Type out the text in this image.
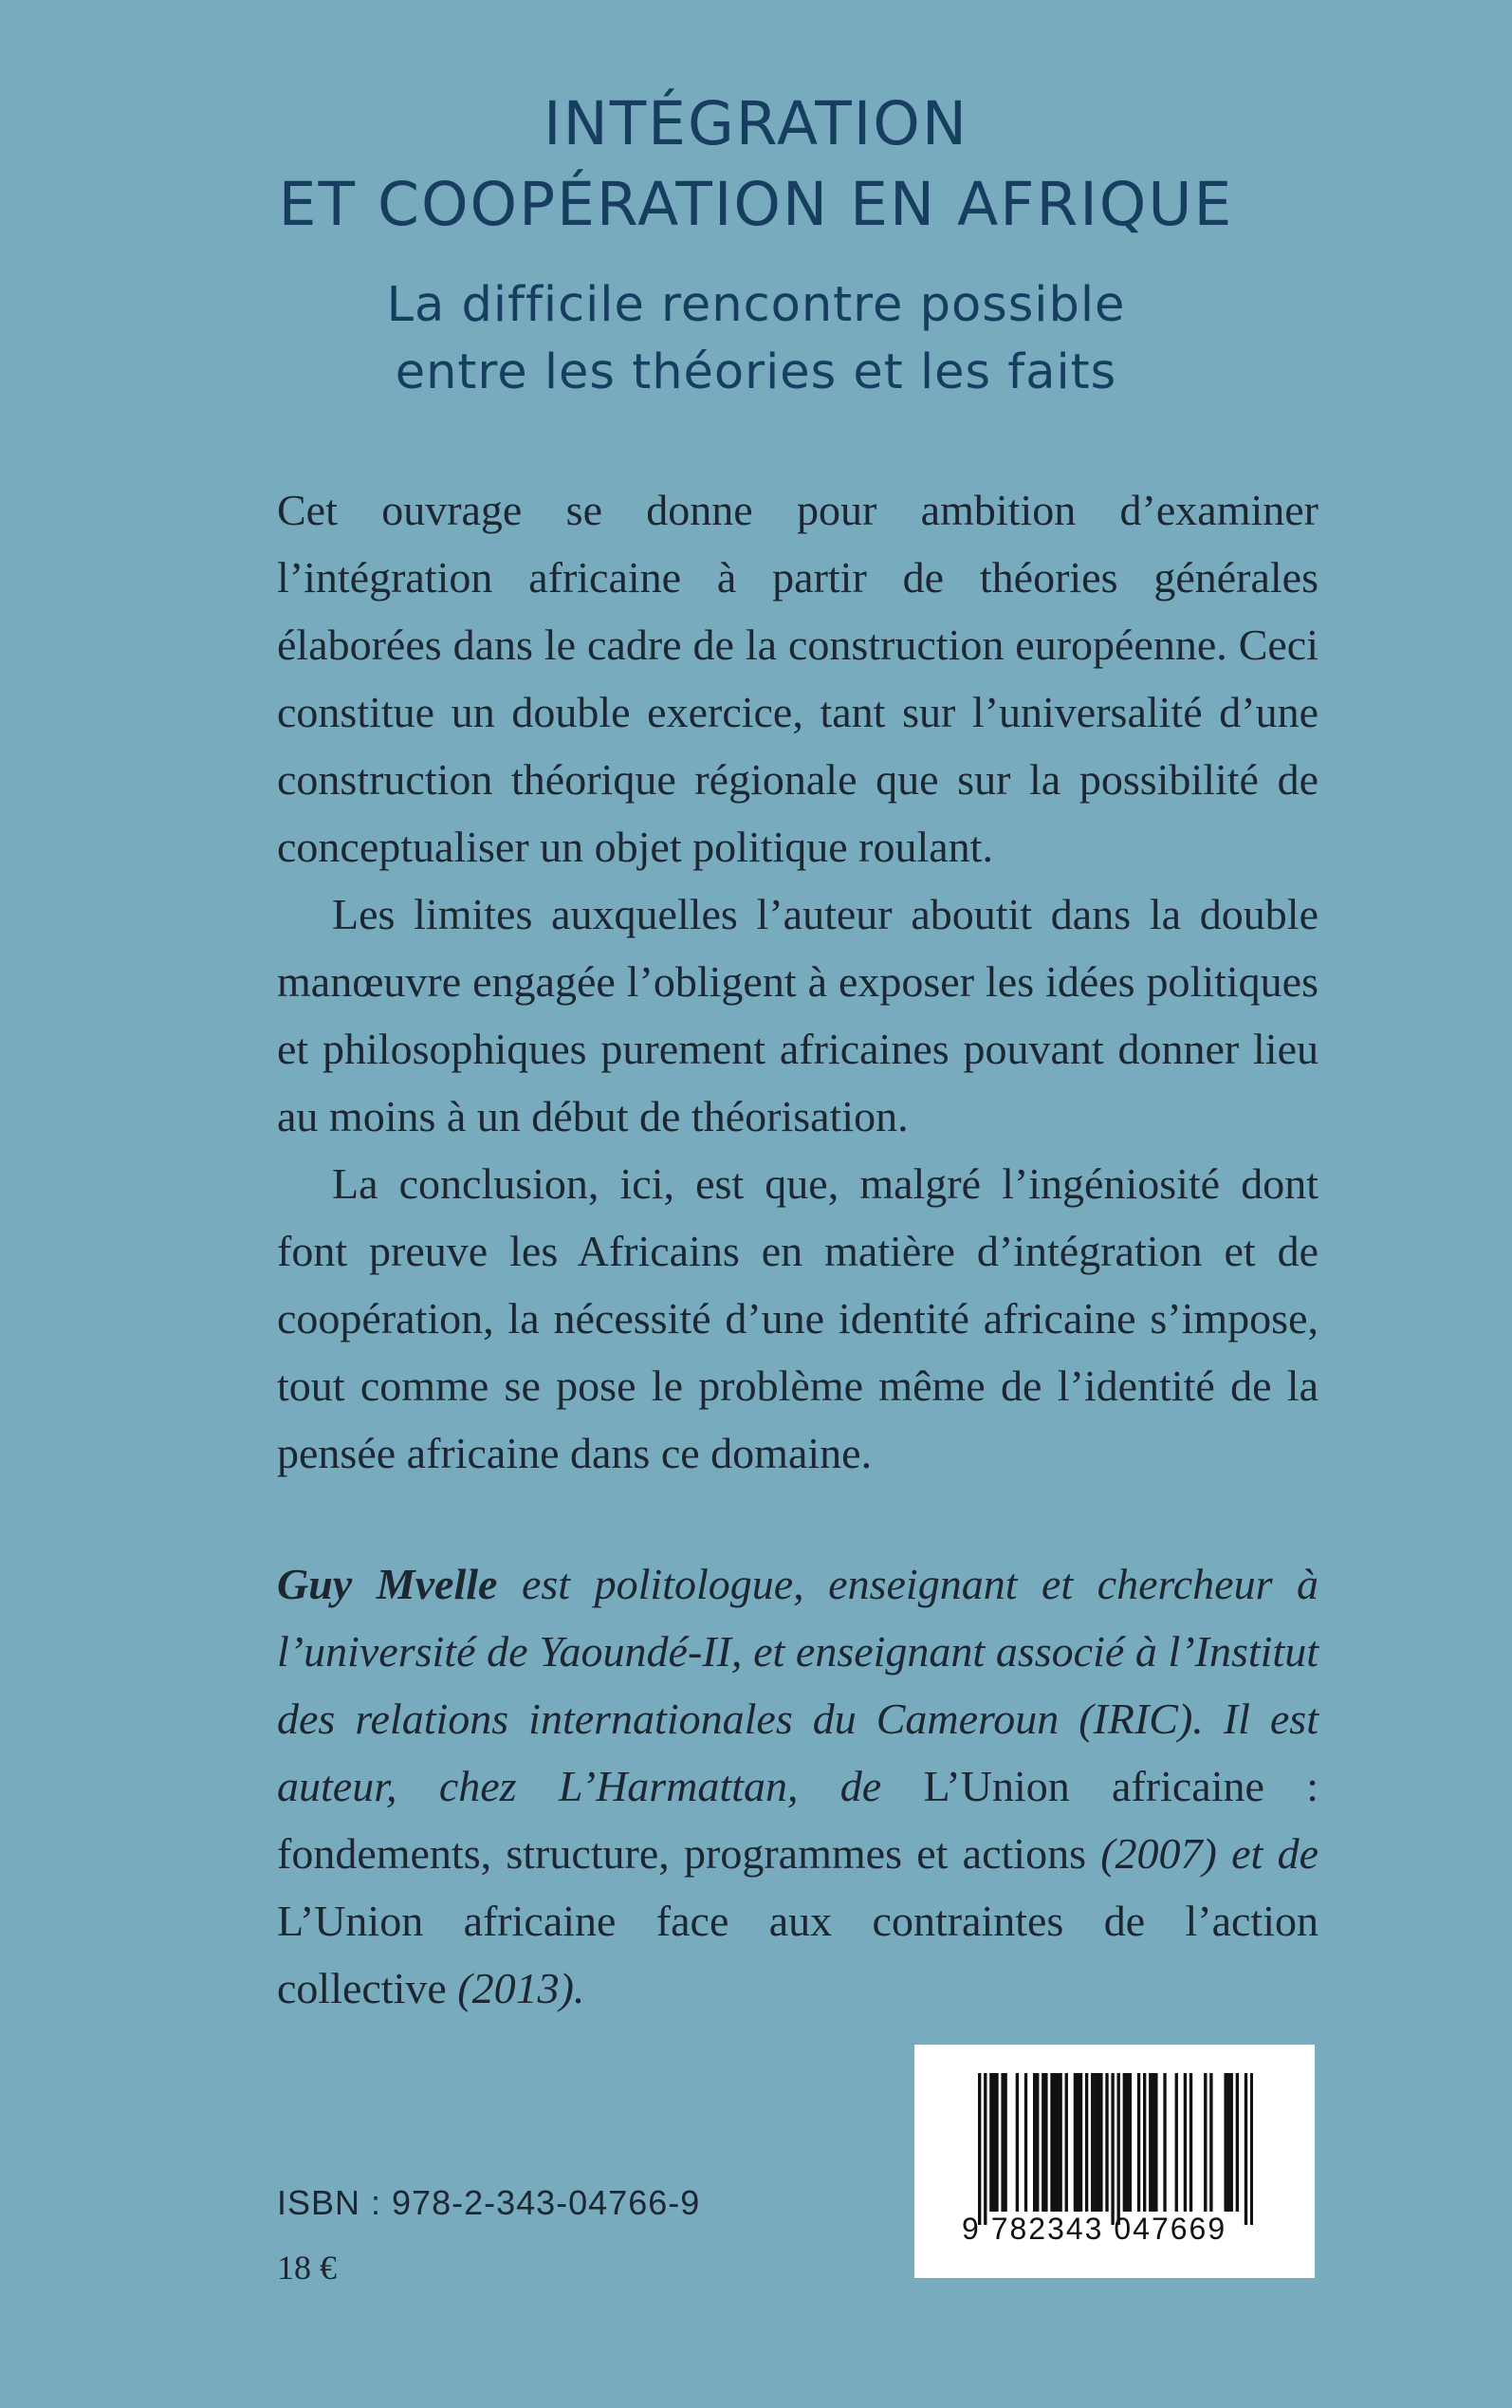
INTÉGRATION
ET COOPÉRATION EN AFRIQUE
La difficile rencontre possible
entre les théories et les faits

Cet ouvrage se donne pour ambition d’examiner l’intégration africaine à partir de théories générales élaborées dans le cadre de la construction européenne. Ceci constitue un double exercice, tant sur l’universalité d’une construction théorique régionale que sur la possibilité de conceptualiser un objet politique roulant.

Les limites auxquelles l’auteur aboutit dans la double manœuvre engagée l’obligent à exposer les idées politiques et philosophiques purement africaines pouvant donner lieu au moins à un début de théorisation.

La conclusion, ici, est que, malgré l’ingéniosité dont font preuve les Africains en matière d’intégration et de coopération, la nécessité d’une identité africaine s’impose, tout comme se pose le problème même de l’identité de la pensée africaine dans ce domaine.

Guy Mvelle est politologue, enseignant et chercheur à l’université de Yaoundé-II, et enseignant associé à l’Institut des relations internationales du Cameroun (IRIC). Il est auteur, chez L’Harmattan, de L’Union africaine : fondements, structure, programmes et actions (2007) et de L’Union africaine face aux contraintes de l’action collective (2013).

ISBN : 978-2-343-04766-9
18 €
9 782343 047669
